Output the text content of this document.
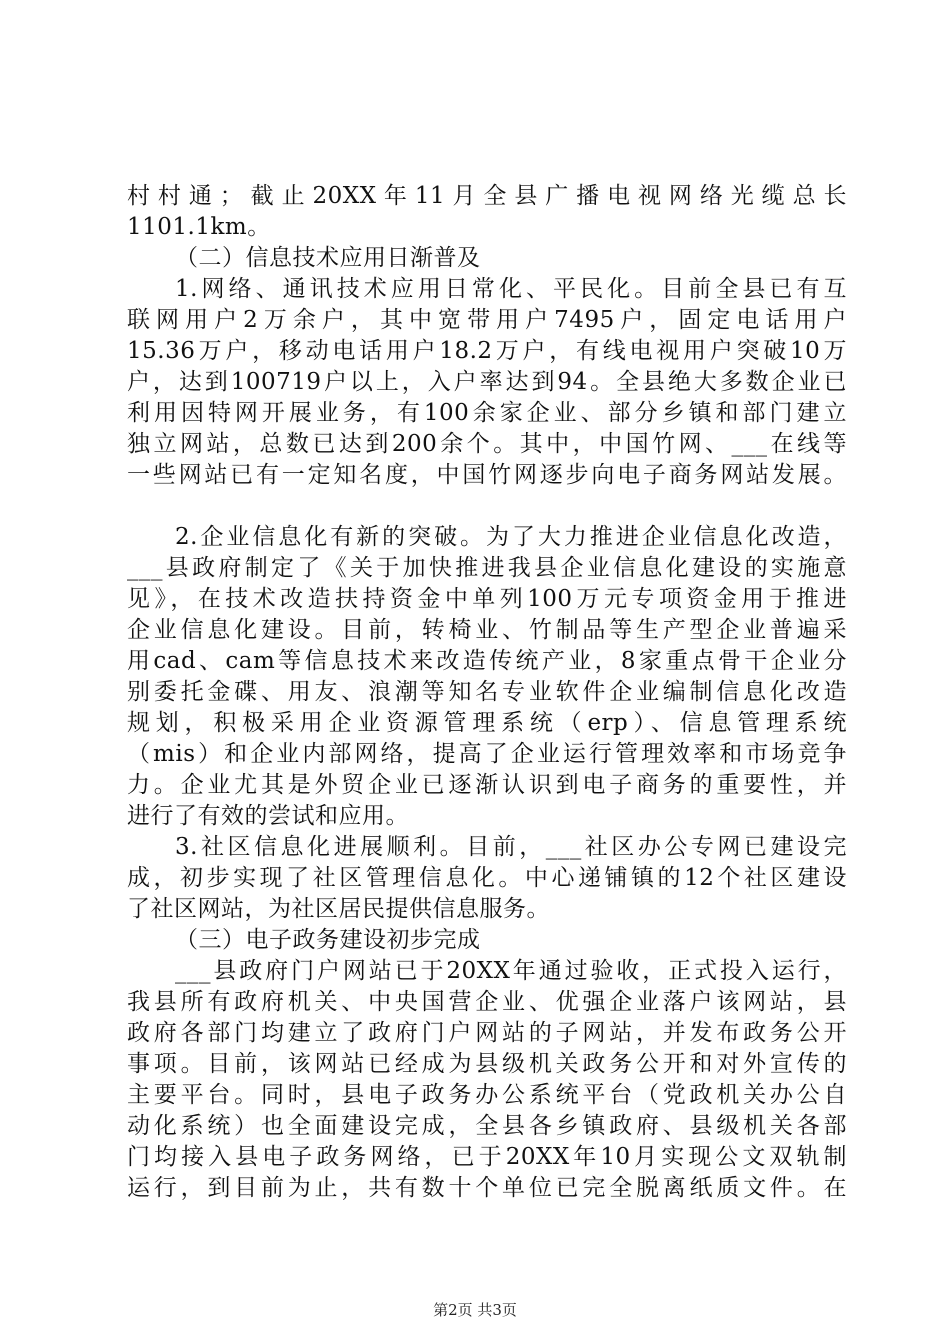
村村通；截止20XX年11月全县广播电视网络光缆总长
1101.1km。
（二）信息技术应用日渐普及
1.网络、通讯技术应用日常化、平民化。目前全县已有互
联网用户2万余户，其中宽带用户7495户，固定电话用户
15.36万户，移动电话用户18.2万户，有线电视用户突破10万
户，达到100719户以上，入户率达到94。全县绝大多数企业已
利用因特网开展业务，有100余家企业、部分乡镇和部门建立
独立网站，总数已达到200余个。其中，中国竹网、___在线等
一些网站已有一定知名度，中国竹网逐步向电子商务网站发展。
2.企业信息化有新的突破。为了大力推进企业信息化改造，
___县政府制定了《关于加快推进我县企业信息化建设的实施意
见》，在技术改造扶持资金中单列100万元专项资金用于推进
企业信息化建设。目前，转椅业、竹制品等生产型企业普遍采
用cad、cam等信息技术来改造传统产业，8家重点骨干企业分
别委托金碟、用友、浪潮等知名专业软件企业编制信息化改造
规划，积极采用企业资源管理系统（erp）、信息管理系统
（mis）和企业内部网络，提高了企业运行管理效率和市场竞争
力。企业尤其是外贸企业已逐渐认识到电子商务的重要性，并
进行了有效的尝试和应用。
3.社区信息化进展顺利。目前，___社区办公专网已建设完
成，初步实现了社区管理信息化。中心递铺镇的12个社区建设
了社区网站，为社区居民提供信息服务。
（三）电子政务建设初步完成
___县政府门户网站已于20XX年通过验收，正式投入运行，
我县所有政府机关、中央国营企业、优强企业落户该网站，县
政府各部门均建立了政府门户网站的子网站，并发布政务公开
事项。目前，该网站已经成为县级机关政务公开和对外宣传的
主要平台。同时，县电子政务办公系统平台（党政机关办公自
动化系统）也全面建设完成，全县各乡镇政府、县级机关各部
门均接入县电子政务网络，已于20XX年10月实现公文双轨制
运行，到目前为止，共有数十个单位已完全脱离纸质文件。在
第2页 共3页
